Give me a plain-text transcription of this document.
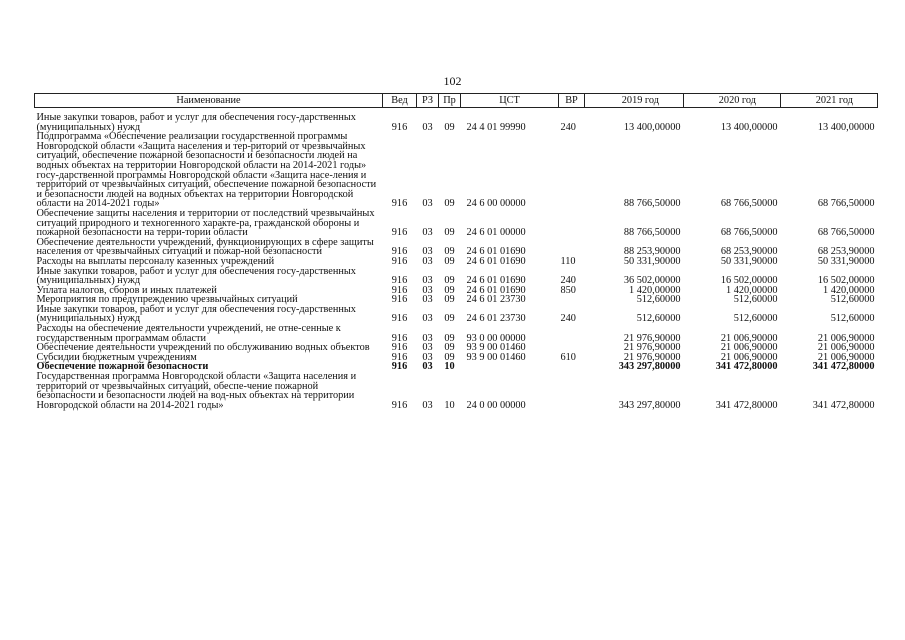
102
Наименование	Вед	РЗ	Пр	ЦСТ	ВР	2019 год	2020 год	2021 год

Иные закупки товаров, работ и услуг для обеспечения госу-дарственных (муниципальных) нужд	916	03	09	24 4 01 99990	240	13 400,00000	13 400,00000	13 400,00000
Подпрограмма «Обеспечение реализации государственной программы Новгородской области «Защита населения и тер-риторий от чрезвычайных ситуаций, обеспечение пожарной безопасности и безопасности людей на водных объектах на территории Новгородской области на 2014-2021 годы» госу-дарственной программы Новгородской области «Защита насе-ления и территорий от чрезвычайных ситуаций, обеспечение пожарной безопасности и безопасности людей на водных объектах на территории Новгородской области на 2014-2021 годы»	916	03	09	24 6 00 00000		88 766,50000	68 766,50000	68 766,50000
Обеспечение защиты населения и территории от последствий чрезвычайных ситуаций природного и техногенного характе-ра, гражданской обороны и пожарной безопасности на терри-тории области	916	03	09	24 6 01 00000		88 766,50000	68 766,50000	68 766,50000
Обеспечение деятельности учреждений, функционирующих в сфере защиты населения от чрезвычайных ситуаций и пожар-ной безопасности	916	03	09	24 6 01 01690		88 253,90000	68 253,90000	68 253,90000
Расходы на выплаты персоналу казенных учреждений	916	03	09	24 6 01 01690	110	50 331,90000	50 331,90000	50 331,90000
Иные закупки товаров, работ и услуг для обеспечения госу-дарственных (муниципальных) нужд	916	03	09	24 6 01 01690	240	36 502,00000	16 502,00000	16 502,00000
Уплата налогов, сборов и иных платежей	916	03	09	24 6 01 01690	850	1 420,00000	1 420,00000	1 420,00000
Мероприятия по предупреждению чрезвычайных ситуаций	916	03	09	24 6 01 23730		512,60000	512,60000	512,60000
Иные закупки товаров, работ и услуг для обеспечения госу-дарственных (муниципальных) нужд	916	03	09	24 6 01 23730	240	512,60000	512,60000	512,60000
Расходы на обеспечение деятельности учреждений, не отне-сенные к государственным программам области	916	03	09	93 0 00 00000		21 976,90000	21 006,90000	21 006,90000
Обеспечение деятельности учреждений по обслуживанию водных объектов	916	03	09	93 9 00 01460		21 976,90000	21 006,90000	21 006,90000
Субсидии бюджетным учреждениям	916	03	09	93 9 00 01460	610	21 976,90000	21 006,90000	21 006,90000
Обеспечение пожарной безопасности	916	03	10			343 297,80000	341 472,80000	341 472,80000
Государственная программа Новгородской области «Защита населения и территорий от чрезвычайных ситуаций, обеспе-чение пожарной безопасности и безопасности людей на вод-ных объектах на территории Новгородской области на 2014-2021 годы»	916	03	10	24 0 00 00000		343 297,80000	341 472,80000	341 472,80000
